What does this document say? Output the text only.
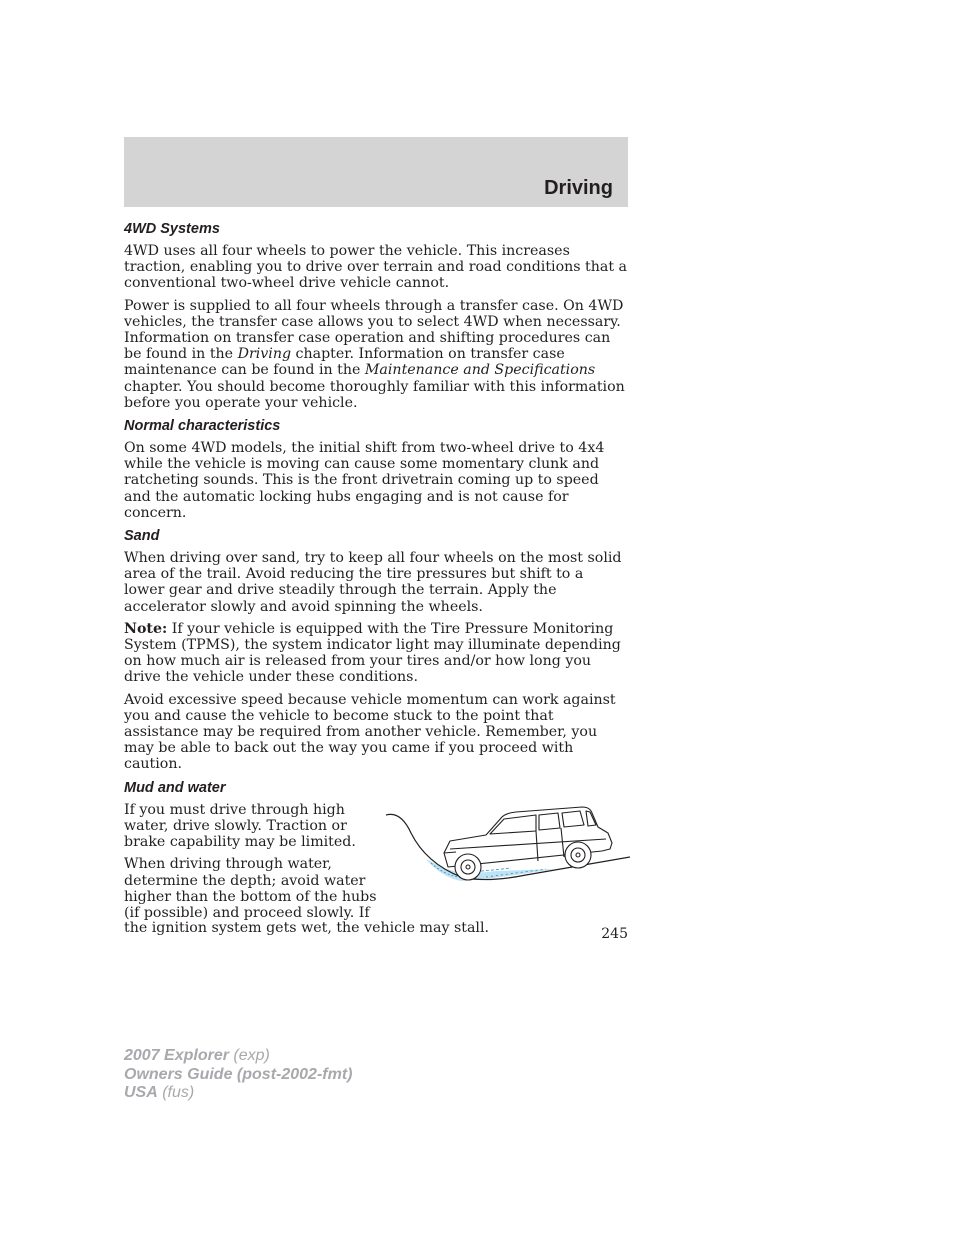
Driving
4WD Systems

4WD uses all four wheels to power the vehicle. This increases traction, enabling you to drive over terrain and road conditions that a conventional two-wheel drive vehicle cannot.

Power is supplied to all four wheels through a transfer case. On 4WD vehicles, the transfer case allows you to select 4WD when necessary. Information on transfer case operation and shifting procedures can be found in the Driving chapter. Information on transfer case maintenance can be found in the Maintenance and Specifications chapter. You should become thoroughly familiar with this information before you operate your vehicle.

Normal characteristics

On some 4WD models, the initial shift from two-wheel drive to 4x4 while the vehicle is moving can cause some momentary clunk and ratcheting sounds. This is the front drivetrain coming up to speed and the automatic locking hubs engaging and is not cause for concern.

Sand

When driving over sand, try to keep all four wheels on the most solid area of the trail. Avoid reducing the tire pressures but shift to a lower gear and drive steadily through the terrain. Apply the accelerator slowly and avoid spinning the wheels.

Note: If your vehicle is equipped with the Tire Pressure Monitoring System (TPMS), the system indicator light may illuminate depending on how much air is released from your tires and/or how long you drive the vehicle under these conditions.

Avoid excessive speed because vehicle momentum can work against you and cause the vehicle to become stuck to the point that assistance may be required from another vehicle. Remember, you may be able to back out the way you came if you proceed with caution.

Mud and water

If you must drive through high water, drive slowly. Traction or brake capability may be limited.

When driving through water, determine the depth; avoid water higher than the bottom of the hubs (if possible) and proceed slowly. If

the ignition system gets wet, the vehicle may stall.	245
2007 Explorer (exp)
Owners Guide (post-2002-fmt)
USA (fus)
